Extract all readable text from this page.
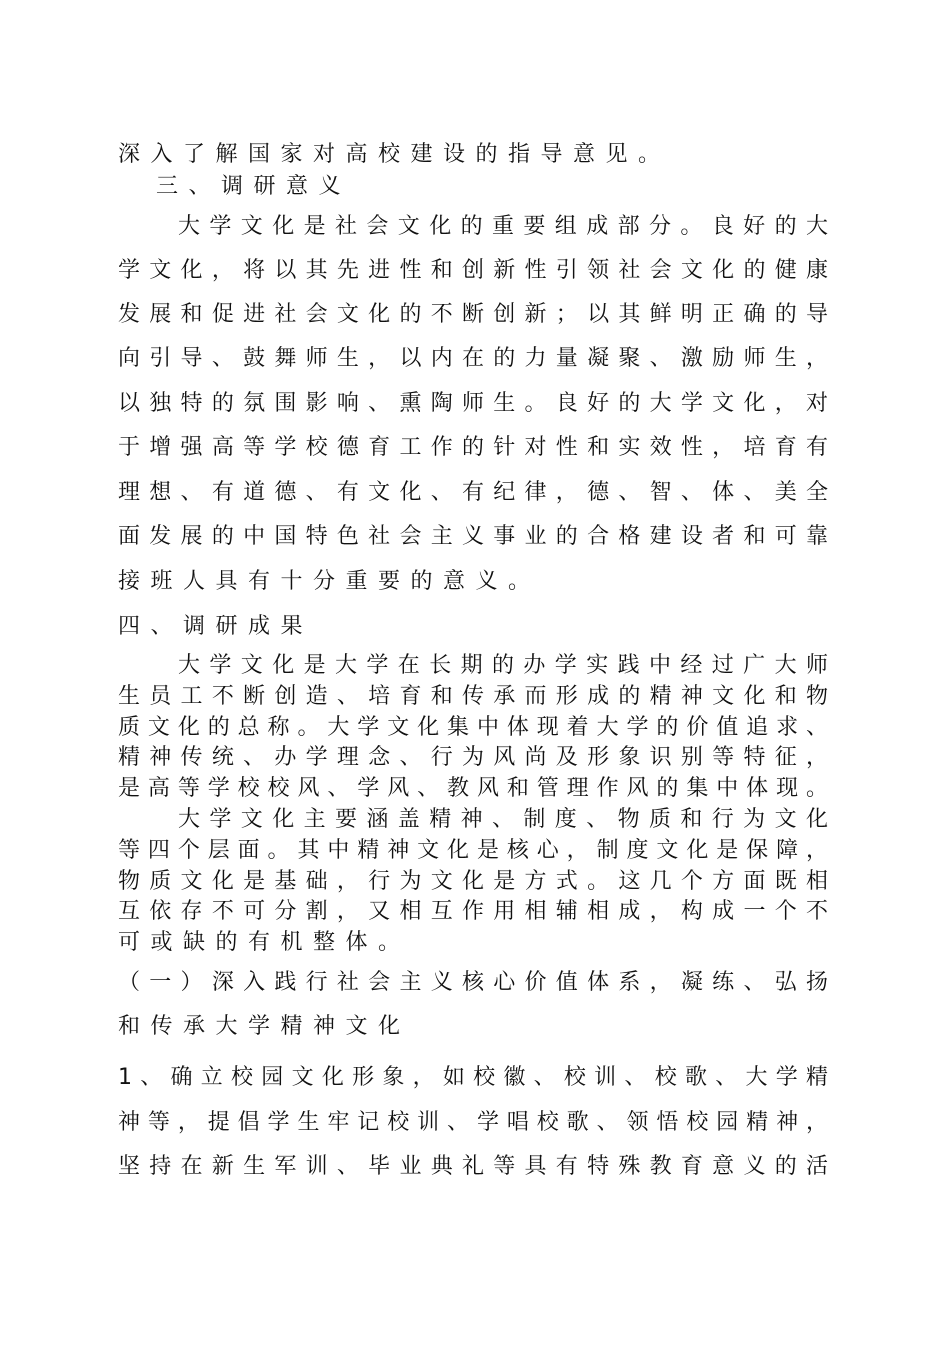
深入了解国家对高校建设的指导意见。
三、调研意义
大学文化是社会文化的重要组成部分。良好的大
学文化，将以其先进性和创新性引领社会文化的健康
发展和促进社会文化的不断创新；以其鲜明正确的导
向引导、鼓舞师生，以内在的力量凝聚、激励师生，
以独特的氛围影响、熏陶师生。良好的大学文化，对
于增强高等学校德育工作的针对性和实效性，培育有
理想、有道德、有文化、有纪律，德、智、体、美全
面发展的中国特色社会主义事业的合格建设者和可靠
接班人具有十分重要的意义。
四、调研成果
大学文化是大学在长期的办学实践中经过广大师
生员工不断创造、培育和传承而形成的精神文化和物
质文化的总称。大学文化集中体现着大学的价值追求、
精神传统、办学理念、行为风尚及形象识别等特征，
是高等学校校风、学风、教风和管理作风的集中体现。
大学文化主要涵盖精神、制度、物质和行为文化
等四个层面。其中精神文化是核心，制度文化是保障，
物质文化是基础，行为文化是方式。这几个方面既相
互依存不可分割，又相互作用相辅相成，构成一个不
可或缺的有机整体。
（一）深入践行社会主义核心价值体系，凝练、弘扬
和传承大学精神文化
1、确立校园文化形象，如校徽、校训、校歌、大学精
神等，提倡学生牢记校训、学唱校歌、领悟校园精神，
坚持在新生军训、毕业典礼等具有特殊教育意义的活
